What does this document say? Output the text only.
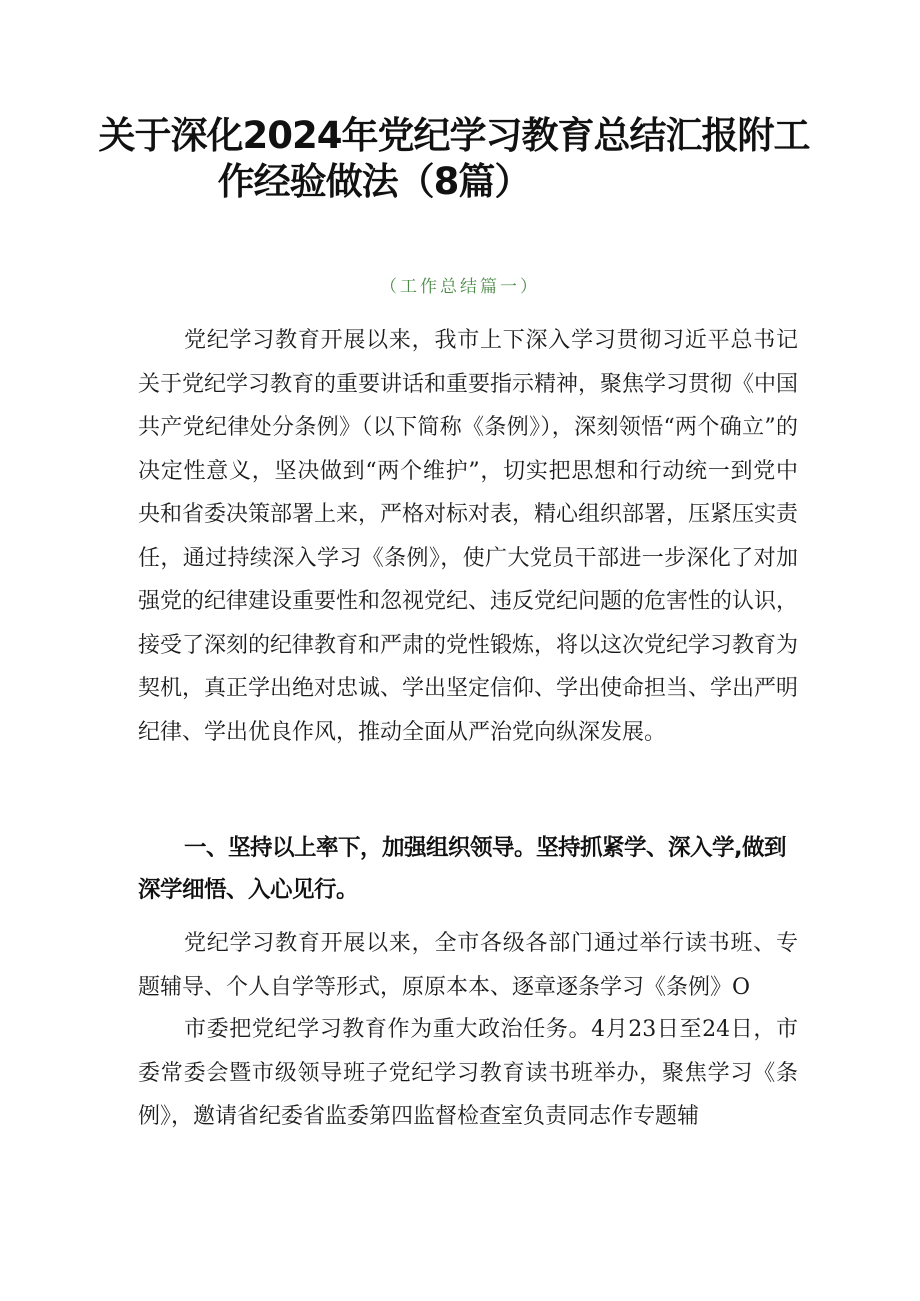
关于深化2024年党纪学习教育总结汇报附工
作经验做法（8篇）
（工作总结篇一）

党纪学习教育开展以来，我市上下深入学习贯彻习近平总书记关于党纪学习教育的重要讲话和重要指示精神，聚焦学习贯彻《中国共产党纪律处分条例》（以下简称《条例》），深刻领悟“两个确立”的决定性意义，坚决做到“两个维护”，切实把思想和行动统一到党中央和省委决策部署上来，严格对标对表，精心组织部署，压紧压实责任，通过持续深入学习《条例》，使广大党员干部进一步深化了对加强党的纪律建设重要性和忽视党纪、违反党纪问题的危害性的认识，接受了深刻的纪律教育和严肃的党性锻炼，将以这次党纪学习教育为契机，真正学出绝对忠诚、学出坚定信仰、学出使命担当、学出严明纪律、学出优良作风，推动全面从严治党向纵深发展。

一、坚持以上率下，加强组织领导。坚持抓紧学、深入学,做到深学细悟、入心见行。

党纪学习教育开展以来，全市各级各部门通过举行读书班、专题辅导、个人自学等形式，原原本本、逐章逐条学习《条例》O

市委把党纪学习教育作为重大政治任务。4月23日至24日，市委常委会暨市级领导班子党纪学习教育读书班举办，聚焦学习《条例》，邀请省纪委省监委第四监督检查室负责同志作专题辅
